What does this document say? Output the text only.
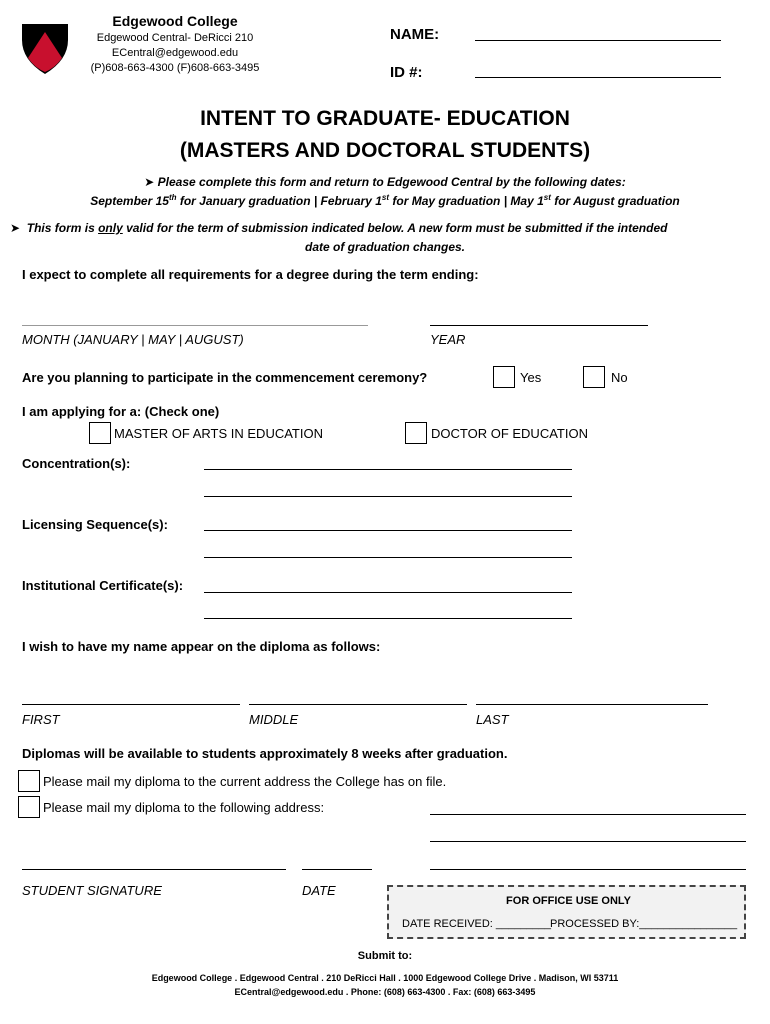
Edgewood College
Edgewood Central- DeRicci 210
ECentral@edgewood.edu
(P)608-663-4300 (F)608-663-3495
NAME:
ID #:
INTENT TO GRADUATE- EDUCATION
(MASTERS AND DOCTORAL STUDENTS)
➤ Please complete this form and return to Edgewood Central by the following dates:
September 15th for January graduation | February 1st for May graduation | May 1st for August graduation
➤  This form is only valid for the term of submission indicated below. A new form must be submitted if the intended
date of graduation changes.
I expect to complete all requirements for a degree during the term ending:
MONTH (JANUARY | MAY | AUGUST)	YEAR
Are you planning to participate in the commencement ceremony?	Yes	No
I am applying for a: (Check one)
MASTER OF ARTS IN EDUCATION	DOCTOR OF EDUCATION
Concentration(s):
Licensing Sequence(s):
Institutional Certificate(s):
I wish to have my name appear on the diploma as follows:
FIRST	MIDDLE	LAST
Diplomas will be available to students approximately 8 weeks after graduation.
Please mail my diploma to the current address the College has on file.
Please mail my diploma to the following address:
STUDENT SIGNATURE	DATE
FOR OFFICE USE ONLY
DATE RECEIVED: _________ PROCESSED BY:________________
Submit to:
Edgewood College . Edgewood Central . 210 DeRicci Hall . 1000 Edgewood College Drive . Madison, WI 53711
ECentral@edgewood.edu . Phone: (608) 663-4300 . Fax: (608) 663-3495
